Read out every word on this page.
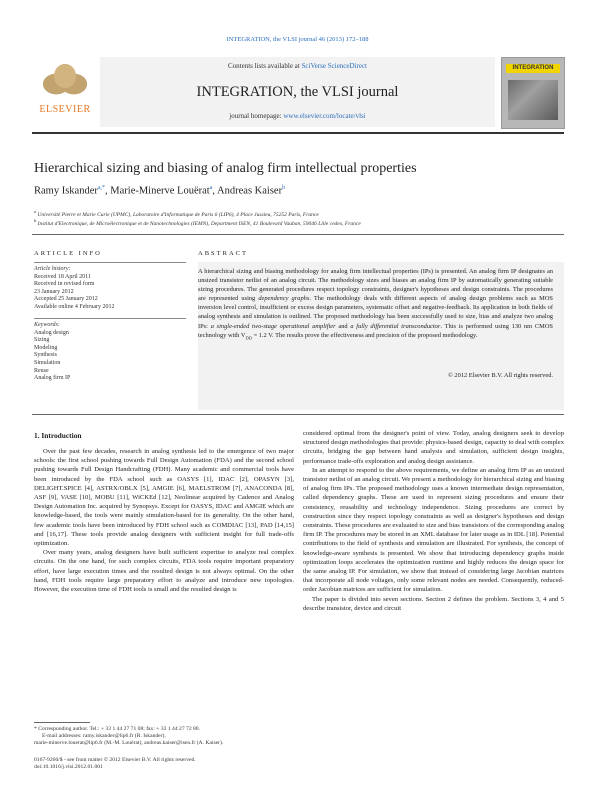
INTEGRATION, the VLSI journal 46 (2013) 172–188
ELSEVIER
Contents lists available at SciVerse ScienceDirect
INTEGRATION, the VLSI journal
journal homepage: www.elsevier.com/locate/vlsi
INTEGRATION
Hierarchical sizing and biasing of analog firm intellectual properties
Ramy Iskander$^{a,*}$, Marie-Minerve Louërat$^a$, Andreas Kaiser$^b$
$^a$ Université Pierre et Marie Curie (UPMC), Laboratoire d'Informatique de Paris 6 (LIP6), 4 Place Jussieu, 75252 Paris, France
$^b$ Institut d'Electronique, de Microélectronique et de Nanotechnologies (IEMN), Department ISEN, 41 Boulevard Vauban, 59046 Lille cedex, France
ARTICLE INFO
Article history:
Received 18 April 2011
Received in revised form
23 January 2012
Accepted 25 January 2012
Available online 4 February 2012
Keywords:
Analog design
Sizing
Modeling
Synthesis
Simulation
Reuse
Analog firm IP
ABSTRACT
A hierarchical sizing and biasing methodology for analog firm intellectual properties (IPs) is presented. An analog firm IP designates an unsized transistor netlist of an analog circuit. The methodology sizes and biases an analog firm IP by automatically generating suitable sizing procedures. The generated procedures respect topology constraints, designer's hypotheses and design constraints. The procedures are represented using dependency graphs. The methodology deals with different aspects of analog design problems such as MOS inversion level control, insufficient or excess design parameters, systematic offset and negative-feedback. Its application in both fields of analog synthesis and simulation is outlined. The proposed methodology has been successfully used to size, bias and analyze two analog IPs: a single-ended two-stage operational amplifier and a fully differential transconductor. This is performed using 130 nm CMOS technology with $V_{DD} = 1.2$ V. The results prove the effectiveness and precision of the proposed methodology.
© 2012 Elsevier B.V. All rights reserved.
1. Introduction

Over the past few decades, research in analog synthesis led to the emergence of two major schools: the first school pushing towards Full Design Automation (FDA) and the second school pushing towards Full Design Handcrafting (FDH). Many academic and commercial tools have been introduced by the FDA school such as OASYS [1], IDAC [2], OPASYN [3], DELIGHT.SPICE [4], ASTRX/OBLX [5], AMGIE [6], MAELSTROM [7], ANACONDA [8], ASF [9], VASE [10], MOBU [11], WiCKEd [12], Neolinear acquired by Cadence and Analog Design Automation Inc. acquired by Synopsys. Except for OASYS, IDAC and AMGIE which are knowledge-based, the tools were mainly simulation-based for its generality. On the other hand, few academic tools have been introduced by FDH school such as COMDIAC [13], PAD [14,15] and [16,17]. These tools provide analog designers with sufficient insight for full trade-offs optimization.

Over many years, analog designers have built sufficient expertise to analyze real complex circuits. On the one hand, for such complex circuits, FDA tools require important preparatory effort, have large execution times and the resulted design is not always optimal. On the other hand, FDH tools require large preparatory effort to analyze and introduce new topologies. However, the execution time of FDH tools is small and the resulted design is

considered optimal from the designer's point of view. Today, analog designers seek to develop structured design methodologies that provide: physics-based design, capacity to deal with complex circuits, bridging the gap between hand analysis and simulation, sufficient design insights, performance trade-offs exploration and analog design assistance.

In an attempt to respond to the above requirements, we define an analog firm IP as an unsized transistor netlist of an analog circuit. We present a methodology for hierarchical sizing and biasing of analog firm IPs. The proposed methodology uses a known intermediate design representation, called dependency graphs. These are used to represent sizing procedures and ensure their consistency, reusability and technology independence. Sizing procedures are correct by construction since they respect topology constraints as well as designer's hypotheses and design constraints. These procedures are evaluated to size and bias transistors of the corresponding analog firm IP. The procedures may be stored in an XML database for later usage as in IDL [18]. Potential contributions to the field of synthesis and simulation are illustrated. For synthesis, the concept of knowledge-aware synthesis is presented. We show that introducing dependency graphs inside optimization loops accelerates the optimization runtime and highly reduces the design space for the same analog IP. For simulation, we show that instead of considering large Jacobian matrices that incorporate all node voltages, only some relevant nodes are needed. Consequently, reduced-order Jacobian matrices are sufficient for simulation.

The paper is divided into seven sections. Section 2 defines the problem. Sections 3, 4 and 5 describe transistor, device and circuit

* Corresponding author. Tel.: + 33 1 44 27 71 08; fax: + 33 1 44 27 72 80.
E-mail addresses: ramy.iskander@lip6.fr (R. Iskander),
marie-minerve.louerat@lip6.fr (M.-M. Louërat), andreas.kaiser@isen.fr (A. Kaiser).
0167-9260/$ - see front matter © 2012 Elsevier B.V. All rights reserved.
doi:10.1016/j.vlsi.2012.01.001
